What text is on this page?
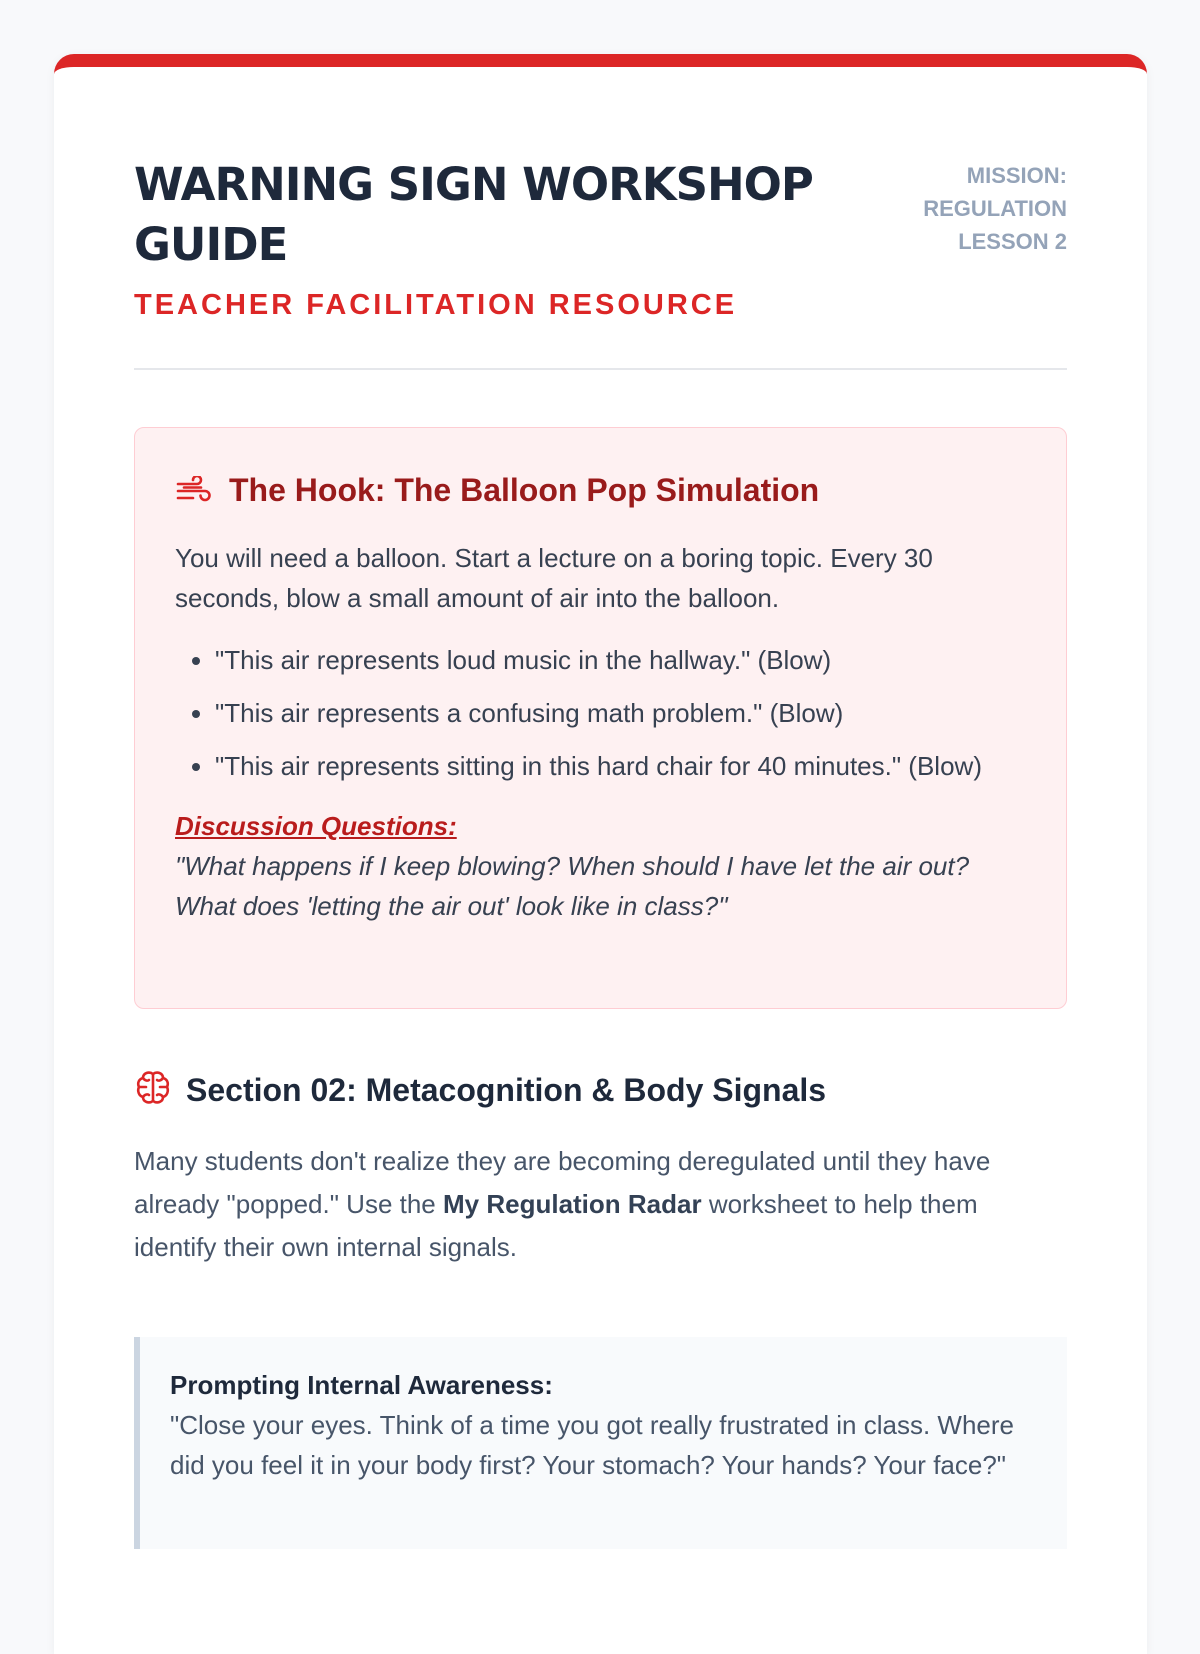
WARNING SIGN WORKSHOP GUIDE
TEACHER FACILITATION RESOURCE
MISSION:
REGULATION
LESSON 2
The Hook: The Balloon Pop Simulation

You will need a balloon. Start a lecture on a boring topic. Every 30 seconds, blow a small amount of air into the balloon.

• "This air represents loud music in the hallway." (Blow)
• "This air represents a confusing math problem." (Blow)
• "This air represents sitting in this hard chair for 40 minutes." (Blow)
Discussion Questions:
"What happens if I keep blowing? When should I have let the air out? What does 'letting the air out' look like in class?"
Section 02: Metacognition & Body Signals

Many students don't realize they are becoming deregulated until they have already "popped." Use the My Regulation Radar worksheet to help them identify their own internal signals.

Prompting Internal Awareness:
"Close your eyes. Think of a time you got really frustrated in class. Where did you feel it in your body first? Your stomach? Your hands? Your face?"
